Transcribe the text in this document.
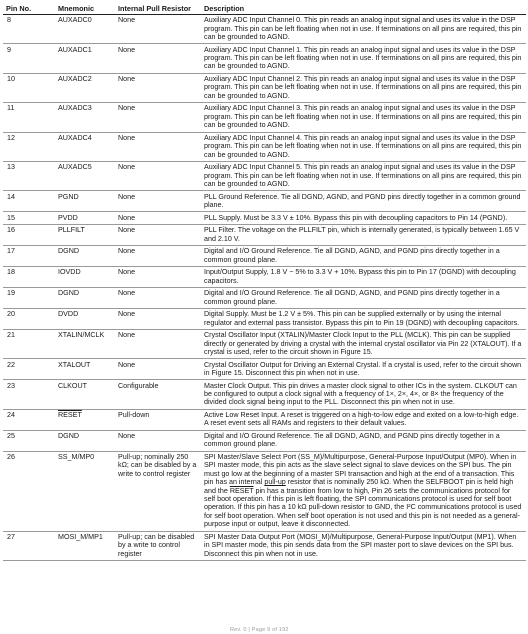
Pin No.	Mnemonic	Internal Pull Resistor	Description
8	AUXADC0	None	Auxiliary ADC Input Channel 0. This pin reads an analog input signal and uses its value in the DSP program. This pin can be left floating when not in use. If terminations on all pins are required, this pin can be grounded to AGND.
9	AUXADC1	None	Auxiliary ADC Input Channel 1. This pin reads an analog input signal and uses its value in the DSP program. This pin can be left floating when not in use. If terminations on all pins are required, this pin can be grounded to AGND.
10	AUXADC2	None	Auxiliary ADC Input Channel 2. This pin reads an analog input signal and uses its value in the DSP program. This pin can be left floating when not in use. If terminations on all pins are required, this pin can be grounded to AGND.
11	AUXADC3	None	Auxiliary ADC Input Channel 3. This pin reads an analog input signal and uses its value in the DSP program. This pin can be left floating when not in use. If terminations on all pins are required, this pin can be grounded to AGND.
12	AUXADC4	None	Auxiliary ADC Input Channel 4. This pin reads an analog input signal and uses its value in the DSP program. This pin can be left floating when not in use. If terminations on all pins are required, this pin can be grounded to AGND.
13	AUXADC5	None	Auxiliary ADC Input Channel 5. This pin reads an analog input signal and uses its value in the DSP program. This pin can be left floating when not in use. If terminations on all pins are required, this pin can be grounded to AGND.
14	PGND	None	PLL Ground Reference. Tie all DGND, AGND, and PGND pins directly together in a common ground plane.
15	PVDD	None	PLL Supply. Must be 3.3 V ± 10%. Bypass this pin with decoupling capacitors to Pin 14 (PGND).
16	PLLFILT	None	PLL Filter. The voltage on the PLLFILT pin, which is internally generated, is typically between 1.65 V and 2.10 V.
17	DGND	None	Digital and I/O Ground Reference. Tie all DGND, AGND, and PGND pins directly together in a common ground plane.
18	IOVDD	None	Input/Output Supply, 1.8 V − 5% to 3.3 V + 10%. Bypass this pin to Pin 17 (DGND) with decoupling capacitors.
19	DGND	None	Digital and I/O Ground Reference. Tie all DGND, AGND, and PGND pins directly together in a common ground plane.
20	DVDD	None	Digital Supply. Must be 1.2 V ± 5%. This pin can be supplied externally or by using the internal regulator and external pass transistor. Bypass this pin to Pin 19 (DGND) with decoupling capacitors.
21	XTALIN/MCLK	None	Crystal Oscillator Input (XTALIN)/Master Clock Input to the PLL (MCLK). This pin can be supplied directly or generated by driving a crystal with the internal crystal oscillator via Pin 22 (XTALOUT). If a crystal is used, refer to the circuit shown in Figure 15.
22	XTALOUT	None	Crystal Oscillator Output for Driving an External Crystal. If a crystal is used, refer to the circuit shown in Figure 15. Disconnect this pin when not in use.
23	CLKOUT	Configurable	Master Clock Output. This pin drives a master clock signal to other ICs in the system. CLKOUT can be configured to output a clock signal with a frequency of 1×, 2×, 4×, or 8× the frequency of the divided clock signal being input to the PLL. Disconnect this pin when not in use.
24	RESET	Pull-down	Active Low Reset Input. A reset is triggered on a high-to-low edge and exited on a low-to-high edge. A reset event sets all RAMs and registers to their default values.
25	DGND	None	Digital and I/O Ground Reference. Tie all DGND, AGND, and PGND pins directly together in a common ground plane.
26	SS_M/MP0	Pull-up; nominally 250 kΩ; can be disabled by a write to control register	SPI Master/Slave Select Port (SS_M)/Multipurpose, General-Purpose Input/Output (MP0). When in SPI master mode, this pin acts as the slave select signal to slave devices on the SPI bus. The pin must go low at the beginning of a master SPI transaction and high at the end of a transaction. This pin has an internal pull-up resistor that is nominally 250 kΩ. When the SELFBOOT pin is held high and the RESET pin has a transition from low to high, Pin 26 sets the communications protocol for self boot operation. If this pin is left floating, the SPI communications protocol is used for self boot operation. If this pin has a 10 kΩ pull-down resistor to GND, the I²C communications protocol is used for self boot operation. When self boot operation is not used and this pin is not needed as a general-purpose input or output, leave it disconnected.
27	MOSI_M/MP1	Pull-up; can be disabled by a write to control register	SPI Master Data Output Port (MOSI_M)/Multipurpose, General-Purpose Input/Output (MP1). When in SPI master mode, this pin sends data from the SPI master port to slave devices on the SPI bus. Disconnect this pin when not in use.
Rev. 0 | Page 9 of 192
